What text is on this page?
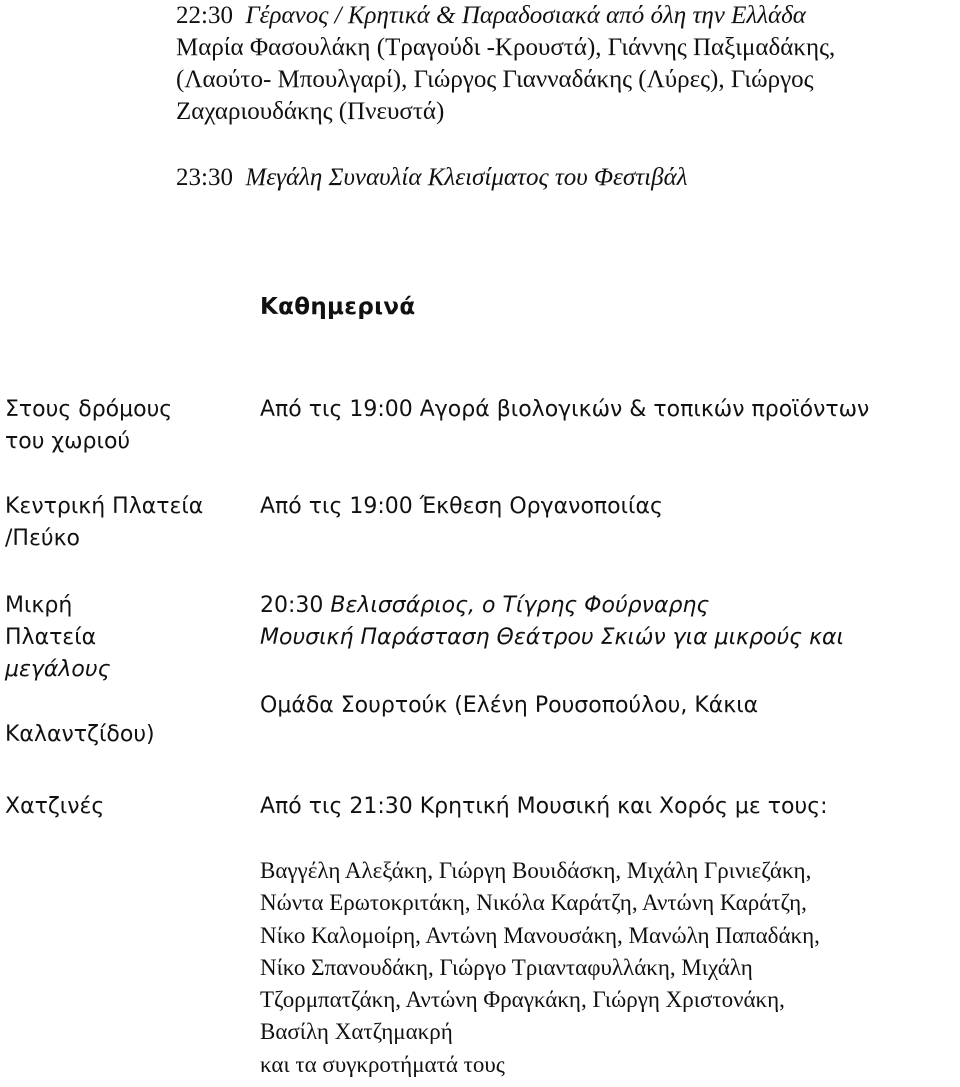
22:30 Γέρανος / Κρητικά & Παραδοσιακά από όλη την Ελλάδα
Μαρία Φασουλάκη (Τραγούδι -Κρουστά), Γιάννης Παξιμαδάκης,
(Λαούτο- Μπουλγαρί), Γιώργος Γιανναδάκης (Λύρες), Γιώργος
Ζαχαριουδάκης (Πνευστά)
23:30 Μεγάλη Συναυλία Κλεισίματος του Φεστιβάλ
Καθημερινά
Στους δρόμους
του χωριού
Κεντρική Πλατεία
/Πεύκο
Μικρή
Πλατεία
μεγάλους
Καλαντζίδου)
Χατζινές
Από τις 19:00 Αγορά βιολογικών & τοπικών προϊόντων
Από τις 19:00 Έκθεση Οργανοποιίας
20:30 Βελισσάριος, ο Τίγρης Φούρναρης
Μουσική Παράσταση Θεάτρου Σκιών για μικρούς και
Ομάδα Σουρτούκ (Ελένη Ρουσοπούλου, Κάκια
Από τις 21:30 Κρητική Μουσική και Χορός με τους:
Βαγγέλη Αλεξάκη, Γιώργη Βουιδάσκη, Μιχάλη Γρινιεζάκη,
Νώντα Ερωτοκριτάκη, Νικόλα Καράτζη, Αντώνη Καράτζη,
Νίκο Καλομοίρη, Αντώνη Μανουσάκη, Μανώλη Παπαδάκη,
Νίκο Σπανουδάκη, Γιώργο Τριανταφυλλάκη, Μιχάλη
Τζορμπατζάκη, Αντώνη Φραγκάκη, Γιώργη Χριστονάκη,
Βασίλη Χατζημακρή
και τα συγκροτήματά τους
